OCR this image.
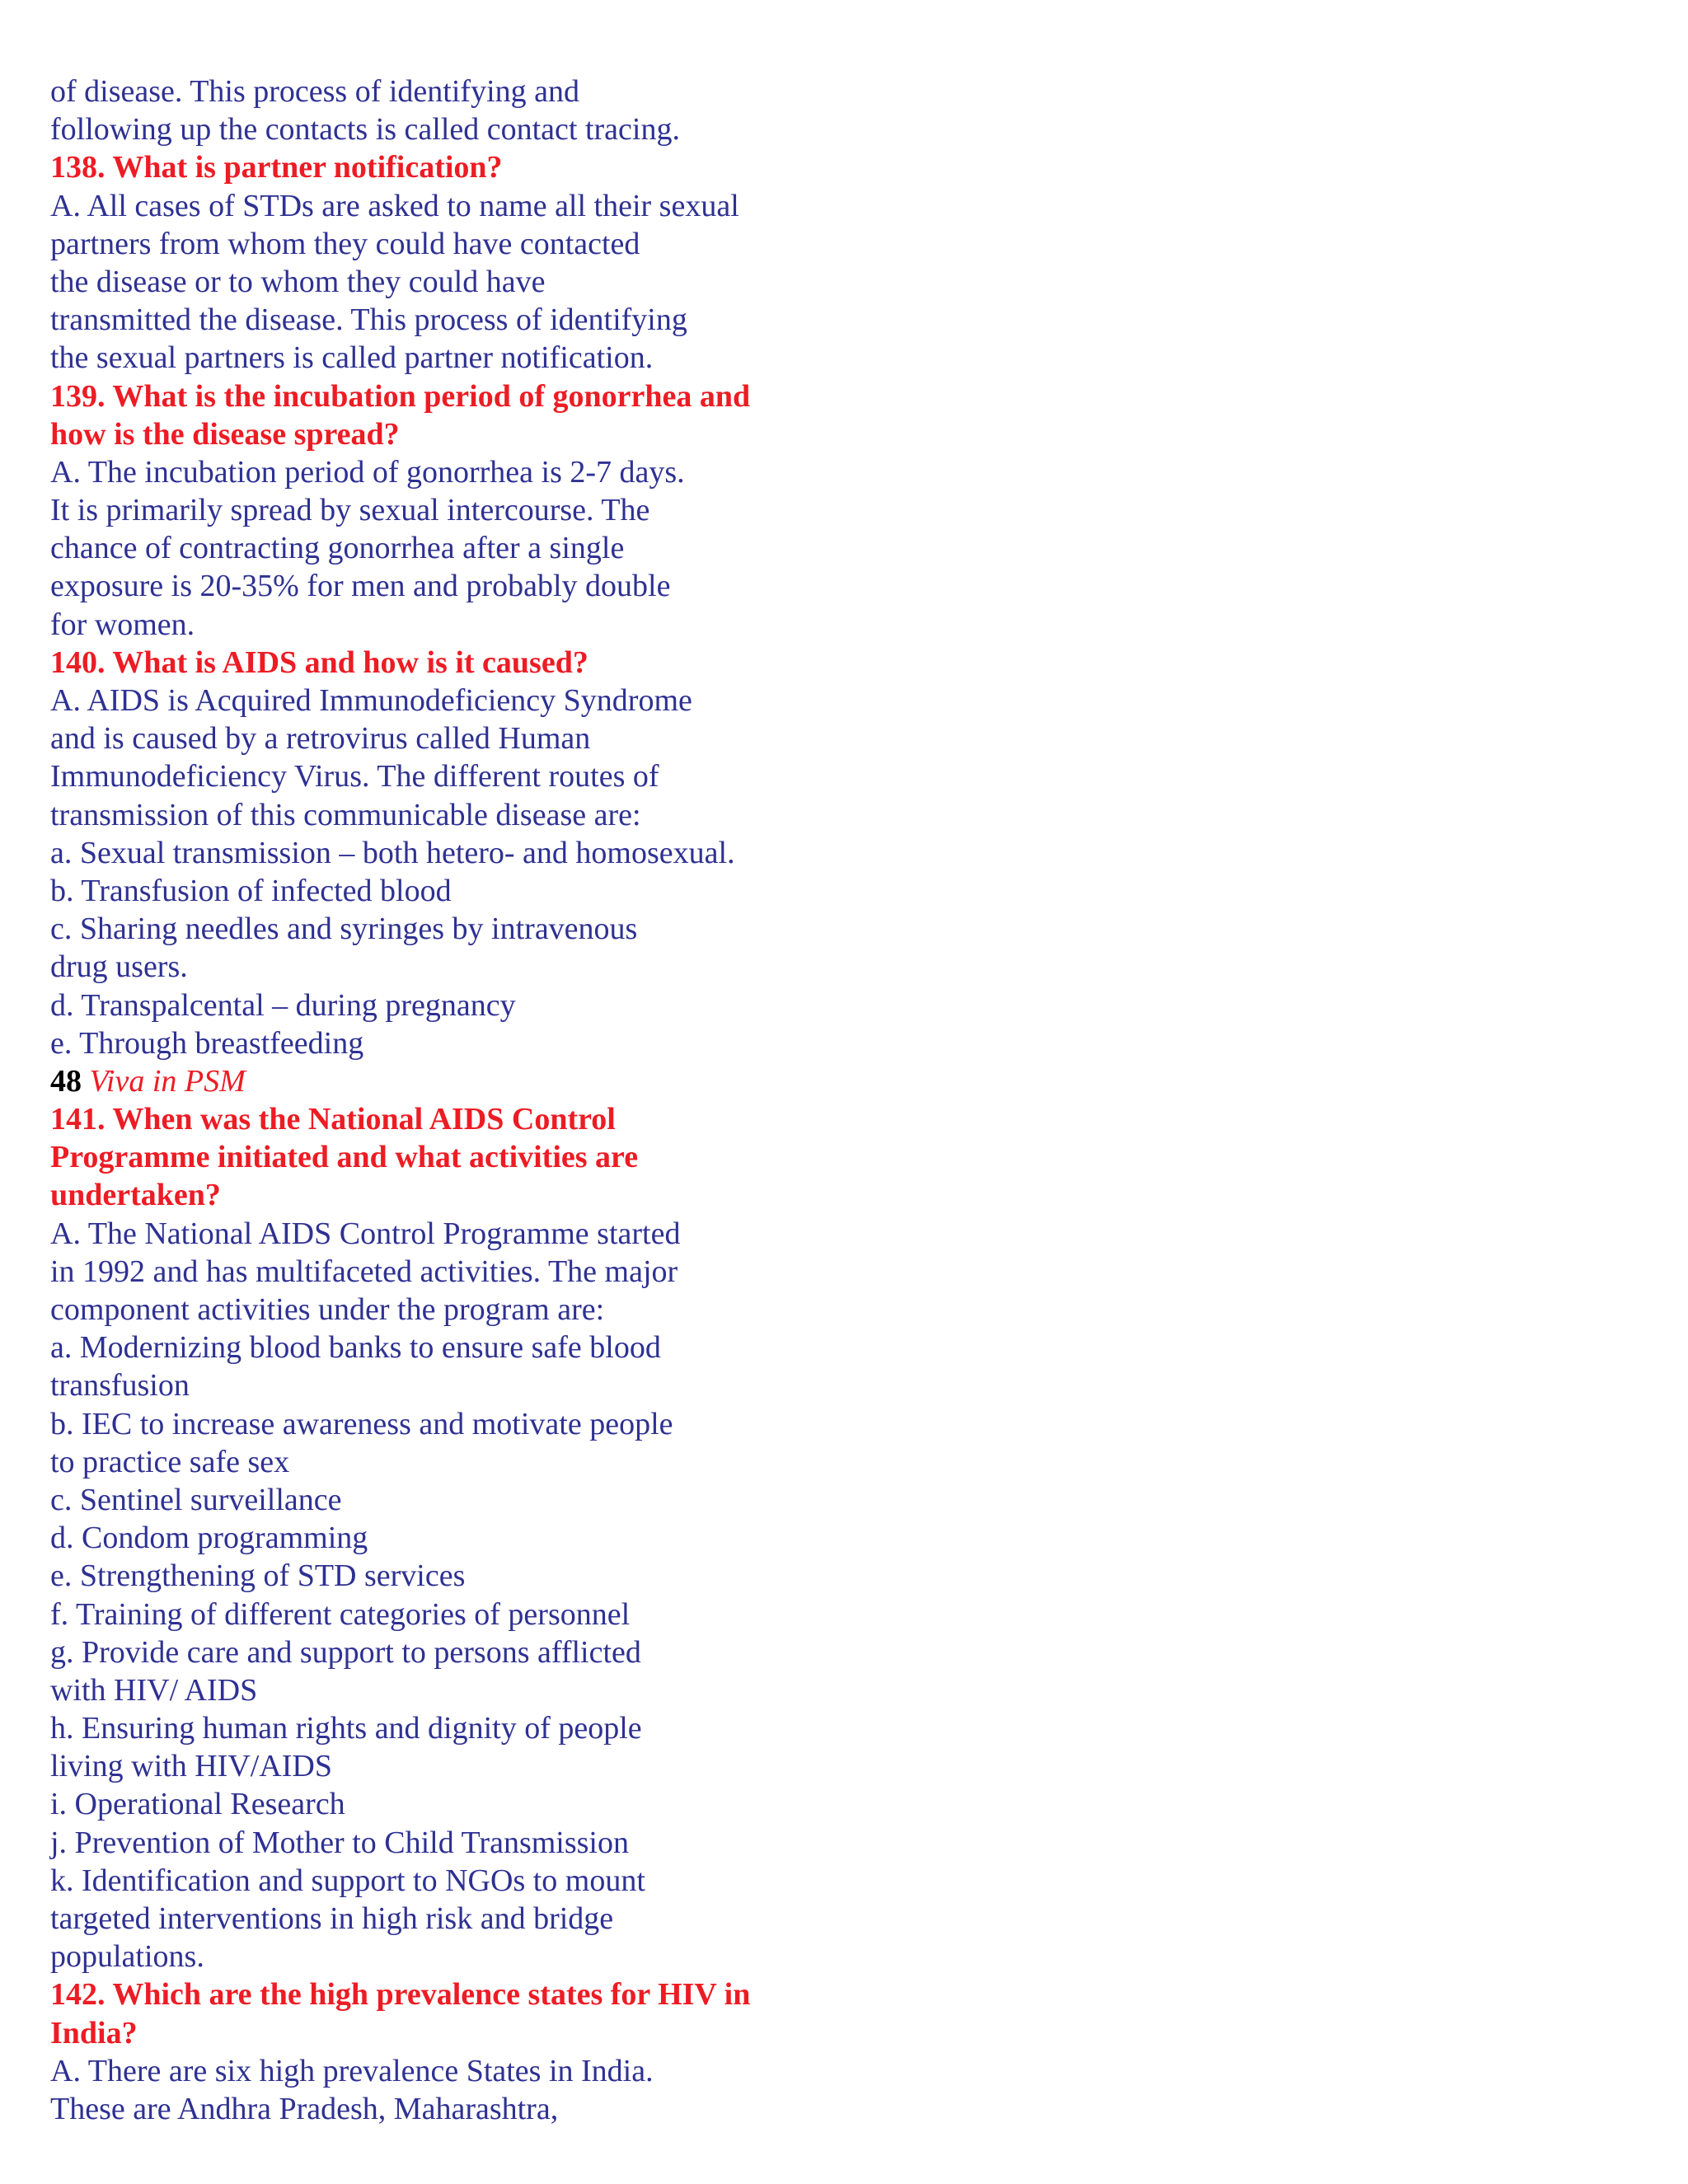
of disease. This process of identifying and
following up the contacts is called contact tracing.
138. What is partner notification?
A. All cases of STDs are asked to name all their sexual
partners from whom they could have contacted
the disease or to whom they could have
transmitted the disease. This process of identifying
the sexual partners is called partner notification.
139. What is the incubation period of gonorrhea and
how is the disease spread?
A. The incubation period of gonorrhea is 2-7 days.
It is primarily spread by sexual intercourse. The
chance of contracting gonorrhea after a single
exposure is 20-35% for men and probably double
for women.
140. What is AIDS and how is it caused?
A. AIDS is Acquired Immunodeficiency Syndrome
and is caused by a retrovirus called Human
Immunodeficiency Virus. The different routes of
transmission of this communicable disease are:
a. Sexual transmission – both hetero- and homosexual.
b. Transfusion of infected blood
c. Sharing needles and syringes by intravenous
drug users.
d. Transpalcental – during pregnancy
e. Through breastfeeding
48 Viva in PSM
141. When was the National AIDS Control
Programme initiated and what activities are
undertaken?
A. The National AIDS Control Programme started
in 1992 and has multifaceted activities. The major
component activities under the program are:
a. Modernizing blood banks to ensure safe blood
transfusion
b. IEC to increase awareness and motivate people
to practice safe sex
c. Sentinel surveillance
d. Condom programming
e. Strengthening of STD services
f. Training of different categories of personnel
g. Provide care and support to persons afflicted
with HIV/ AIDS
h. Ensuring human rights and dignity of people
living with HIV/AIDS
i. Operational Research
j. Prevention of Mother to Child Transmission
k. Identification and support to NGOs to mount
targeted interventions in high risk and bridge
populations.
142. Which are the high prevalence states for HIV in
India?
A. There are six high prevalence States in India.
These are Andhra Pradesh, Maharashtra,
